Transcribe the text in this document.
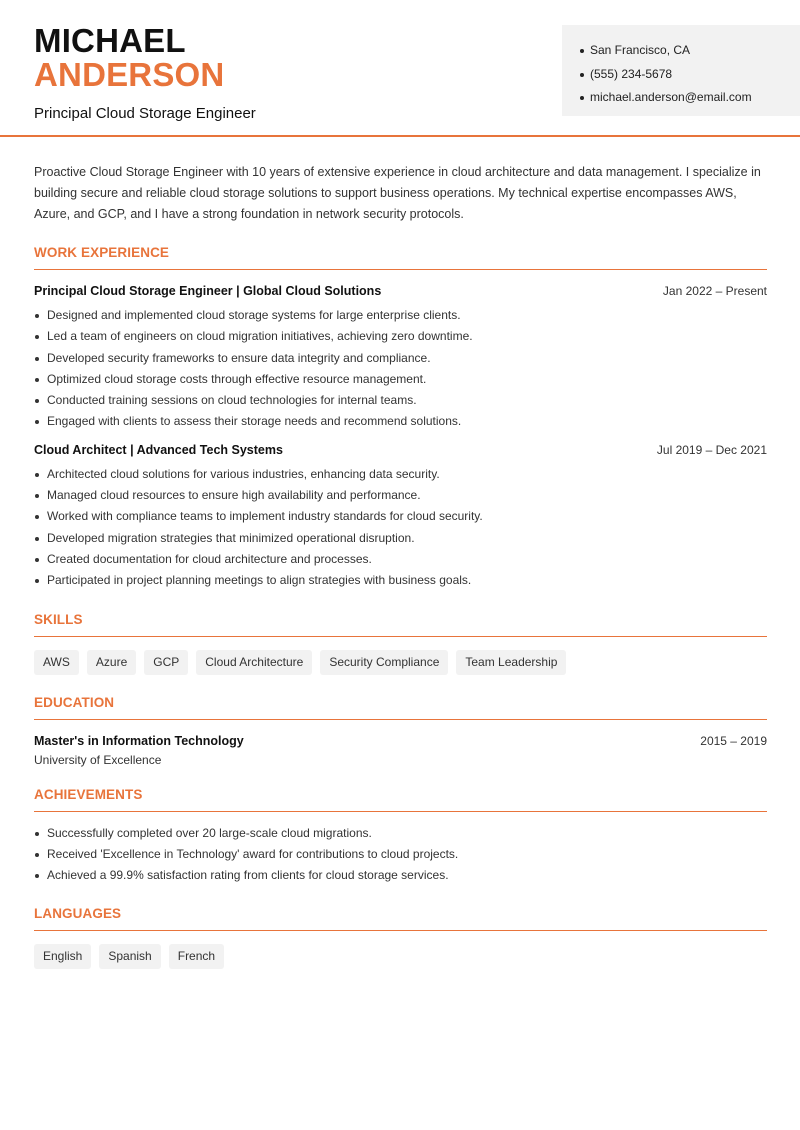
MICHAEL
ANDERSON
Principal Cloud Storage Engineer
San Francisco, CA
(555) 234-5678
michael.anderson@email.com

Proactive Cloud Storage Engineer with 10 years of extensive experience in cloud architecture and data management. I specialize in building secure and reliable cloud storage solutions to support business operations. My technical expertise encompasses AWS, Azure, and GCP, and I have a strong foundation in network security protocols.

WORK EXPERIENCE
Principal Cloud Storage Engineer | Global Cloud Solutions	Jan 2022 – Present
Designed and implemented cloud storage systems for large enterprise clients.
Led a team of engineers on cloud migration initiatives, achieving zero downtime.
Developed security frameworks to ensure data integrity and compliance.
Optimized cloud storage costs through effective resource management.
Conducted training sessions on cloud technologies for internal teams.
Engaged with clients to assess their storage needs and recommend solutions.
Cloud Architect | Advanced Tech Systems	Jul 2019 – Dec 2021
Architected cloud solutions for various industries, enhancing data security.
Managed cloud resources to ensure high availability and performance.
Worked with compliance teams to implement industry standards for cloud security.
Developed migration strategies that minimized operational disruption.
Created documentation for cloud architecture and processes.
Participated in project planning meetings to align strategies with business goals.
SKILLS
AWS	Azure	GCP	Cloud Architecture	Security Compliance	Team Leadership
EDUCATION
Master's in Information Technology	2015 – 2019
University of Excellence
ACHIEVEMENTS
Successfully completed over 20 large-scale cloud migrations.
Received 'Excellence in Technology' award for contributions to cloud projects.
Achieved a 99.9% satisfaction rating from clients for cloud storage services.
LANGUAGES
English	Spanish	French
